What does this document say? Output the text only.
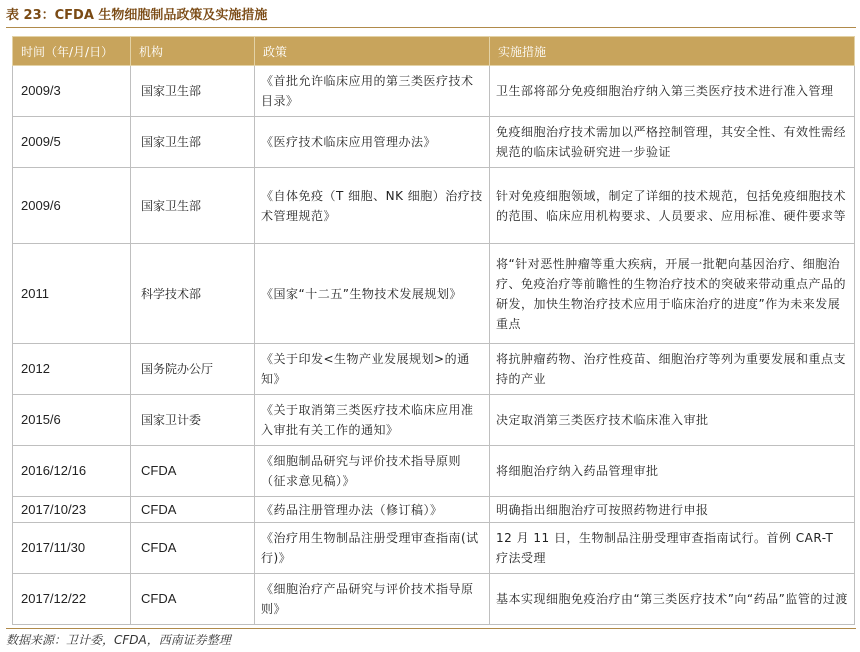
表 23：CFDA 生物细胞制品政策及实施措施
时间（年/月/日）	机构	政策	实施措施
2009/3	国家卫生部	《首批允许临床应用的第三类医疗技术目录》	卫生部将部分免疫细胞治疗纳入第三类医疗技术进行准入管理
2009/5	国家卫生部	《医疗技术临床应用管理办法》	免疫细胞治疗技术需加以严格控制管理，其安全性、有效性需经规范的临床试验研究进一步验证
2009/6	国家卫生部	《自体免疫（T 细胞、NK 细胞）治疗技术管理规范》	针对免疫细胞领域，制定了详细的技术规范，包括免疫细胞技术的范围、临床应用机构要求、人员要求、应用标准、硬件要求等
2011	科学技术部	《国家“十二五”生物技术发展规划》	将“针对恶性肿瘤等重大疾病，开展一批靶向基因治疗、细胞治疗、免疫治疗等前瞻性的生物治疗技术的突破来带动重点产品的研发，加快生物治疗技术应用于临床治疗的进度”作为未来发展重点
2012	国务院办公厅	《关于印发<生物产业发展规划>的通知》	将抗肿瘤药物、治疗性疫苗、细胞治疗等列为重要发展和重点支持的产业
2015/6	国家卫计委	《关于取消第三类医疗技术临床应用准入审批有关工作的通知》	决定取消第三类医疗技术临床准入审批
2016/12/16	CFDA	《细胞制品研究与评价技术指导原则（征求意见稿）》	将细胞治疗纳入药品管理审批
2017/10/23	CFDA	《药品注册管理办法（修订稿）》	明确指出细胞治疗可按照药物进行申报
2017/11/30	CFDA	《治疗用生物制品注册受理审查指南(试行)》	12 月 11 日，生物制品注册受理审查指南试行。首例 CAR-T 疗法受理
2017/12/22	CFDA	《细胞治疗产品研究与评价技术指导原则》	基本实现细胞免疫治疗由“第三类医疗技术”向“药品”监管的过渡
数据来源：卫计委，CFDA，西南证券整理
